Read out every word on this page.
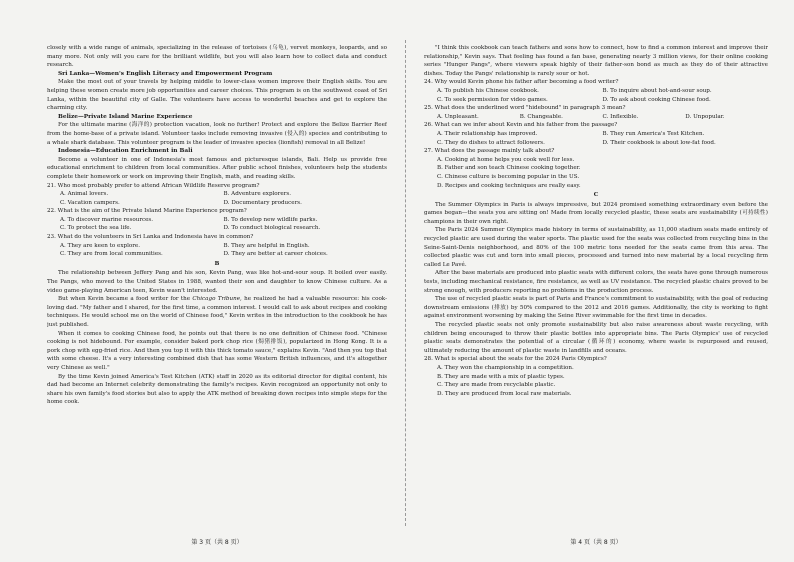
closely with a wide range of animals, specializing in the release of tortoises (乌龟), vervet monkeys, leopards, and so many more. Not only will you care for the brilliant wildlife, but you will also learn how to collect data and conduct research.

Sri Lanka—Women's English Literacy and Empowerment Program

Make the most out of your travels by helping middle to lower-class women improve their English skills. You are helping these women create more job opportunities and career choices. This program is on the southwest coast of Sri Lanka, within the beautiful city of Galle. The volunteers have access to wonderful beaches and get to explore the charming city.

Belize—Private Island Marine Experience

For the ultimate marine (海洋的) protection vacation, look no further! Protect and explore the Belize Barrier Reef from the home-base of a private island. Volunteer tasks include removing invasive (侵入的) species and contributing to a whale shark database. This volunteer program is the leader of invasive species (lionfish) removal in all Belize!

Indonesia—Education Enrichment in Bali

Become a volunteer in one of Indonesia's most famous and picturesque islands, Bali. Help us provide free educational enrichment to children from local communities. After public school finishes, volunteers help the students complete their homework or work on improving their English, math, and reading skills.

21. Who most probably prefer to attend African Wildlife Reserve program?
A. Animal lovers.	B. Adventure explorers.
C. Vacation campers.	D. Documentary producers.
22. What is the aim of the Private Island Marine Experience program?
A. To discover marine resources.	B. To develop new wildlife parks.
C. To protect the sea life.	D. To conduct biological research.
23. What do the volunteers in Sri Lanka and Indonesia have in common?
A. They are keen to explore.	B. They are helpful in English.
C. They are from local communities.	D. They are better at career choices.
B

The relationship between Jeffery Pang and his son, Kevin Pang, was like hot-and-sour soup. It boiled over easily. The Pangs, who moved to the United States in 1988, wanted their son and daughter to know Chinese culture. As a video game-playing American teen, Kevin wasn't interested.

But when Kevin became a food writer for the Chicago Tribune, he realized he had a valuable resource: his cook-loving dad. "My father and I shared, for the first time, a common interest. I would call to ask about recipes and cooking techniques. He would school me on the world of Chinese food," Kevin writes in the introduction to the cookbook he has just published.

When it comes to cooking Chinese food, he points out that there is no one definition of Chinese food. "Chinese cooking is not hidebound. For example, consider baked pork chop rice (焗猪排饭), popularized in Hong Kong. It is a pork chop with egg-fried rice. And then you top it with this thick tomato sauce," explains Kevin. "And then you top that with some cheese. It's a very interesting combined dish that has some Western British influences, and it's altogether very Chinese as well."

By the time Kevin joined America's Test Kitchen (ATK) staff in 2020 as its editorial director for digital content, his dad had become an Internet celebrity demonstrating the family's recipes. Kevin recognized an opportunity not only to share his own family's food stories but also to apply the ATK method of breaking down recipes into simple steps for the home cook.

第 3 页（共 8 页）

"I think this cookbook can teach fathers and sons how to connect, how to find a common interest and improve their relationship," Kevin says. That feeling has found a fan base, generating nearly 3 million views, for their online cooking series "Hunger Pangs", where viewers speak highly of their father-son bond as much as they do of their attractive dishes. Today the Pangs' relationship is rarely sour or hot.

24. Why would Kevin phone his father after becoming a food writer?
A. To publish his Chinese cookbook.	B. To inquire about hot-and-sour soup.
C. To seek permission for video games.	D. To ask about cooking Chinese food.
25. What does the underlined word "hidebound" in paragraph 3 mean?
A. Unpleasant.	B. Changeable.	C. Inflexible.	D. Unpopular.
26. What can we infer about Kevin and his father from the passage?
A. Their relationship has improved.	B. They run America's Test Kitchen.
C. They do dishes to attract followers.	D. Their cookbook is about low-fat food.
27. What does the passage mainly talk about?
A. Cooking at home helps you cook well for less.
B. Father and son teach Chinese cooking together.
C. Chinese culture is becoming popular in the US.
D. Recipes and cooking techniques are really easy.
C

The Summer Olympics in Paris is always impressive, but 2024 promised something extraordinary even before the games began—the seats you are sitting on! Made from locally recycled plastic, these seats are sustainability (可持续性) champions in their own right.

The Paris 2024 Summer Olympics made history in terms of sustainability, as 11,000 stadium seats made entirely of recycled plastic are used during the water sports. The plastic used for the seats was collected from recycling bins in the Seine-Saint-Denis neighborhood, and 80% of the 100 metric tons needed for the seats came from this area. The collected plastic was cut and torn into small pieces, processed and turned into new material by a local recycling firm called Le Pavé.

After the base materials are produced into plastic seats with different colors, the seats have gone through numerous tests, including mechanical resistance, fire resistance, as well as UV resistance. The recycled plastic chairs proved to be strong enough, with producers reporting no problems in the production process.

The use of recycled plastic seats is part of Paris and France's commitment to sustainability, with the goal of reducing downstream emissions (排放) by 50% compared to the 2012 and 2016 games. Additionally, the city is working to fight against environment worsening by making the Seine River swimmable for the first time in decades.

The recycled plastic seats not only promote sustainability but also raise awareness about waste recycling, with children being encouraged to throw their plastic bottles into appropriate bins. The Paris Olympics' use of recycled plastic seats demonstrates the potential of a circular (循环的) economy, where waste is repurposed and reused, ultimately reducing the amount of plastic waste in landfills and oceans.

28. What is special about the seats for the 2024 Paris Olympics?
A. They won the championship in a competition.
B. They are made with a mix of plastic types.
C. They are made from recyclable plastic.
D. They are produced from local raw materials.
第 4 页（共 8 页）
